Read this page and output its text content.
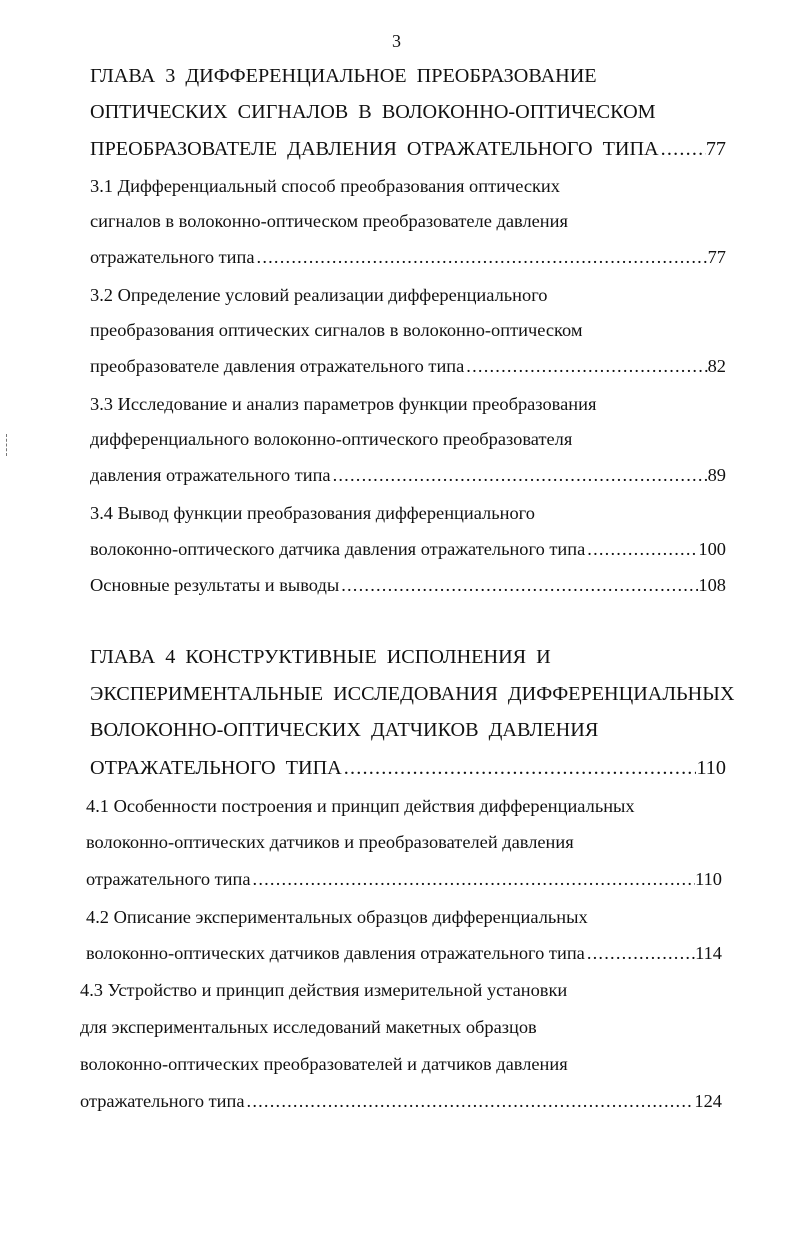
3
ГЛАВА 3 ДИФФЕРЕНЦИАЛЬНОЕ ПРЕОБРАЗОВАНИЕ
ОПТИЧЕСКИХ СИГНАЛОВ В ВОЛОКОННО-ОПТИЧЕСКОМ
ПРЕОБРАЗОВАТЕЛЕ ДАВЛЕНИЯ ОТРАЖАТЕЛЬНОГО ТИПА ..... 77
3.1 Дифференциальный способ преобразования оптических
сигналов в волоконно-оптическом преобразователе давления
отражательного типа .....	77
3.2 Определение условий реализации дифференциального
преобразования оптических сигналов в волоконно-оптическом
преобразователе давления отражательного типа .....	82
3.3 Исследование и анализ параметров функции преобразования
дифференциального волоконно-оптического преобразователя
давления отражательного типа .....	89
3.4 Вывод функции преобразования дифференциального
волоконно-оптического датчика давления отражательного типа .....	100
Основные результаты и выводы .....	108
ГЛАВА 4 КОНСТРУКТИВНЫЕ ИСПОЛНЕНИЯ И
ЭКСПЕРИМЕНТАЛЬНЫЕ ИССЛЕДОВАНИЯ ДИФФЕРЕНЦИАЛЬНЫХ
ВОЛОКОННО-ОПТИЧЕСКИХ ДАТЧИКОВ ДАВЛЕНИЯ
ОТРАЖАТЕЛЬНОГО ТИПА .....	110
4.1 Особенности построения и принцип действия дифференциальных
волоконно-оптических датчиков и преобразователей давления
отражательного типа .....	110
4.2 Описание экспериментальных образцов дифференциальных
волоконно-оптических датчиков давления отражательного типа .....	114
4.3 Устройство и принцип действия измерительной установки
для экспериментальных исследований макетных образцов
волоконно-оптических преобразователей и датчиков давления
отражательного типа .....	124
